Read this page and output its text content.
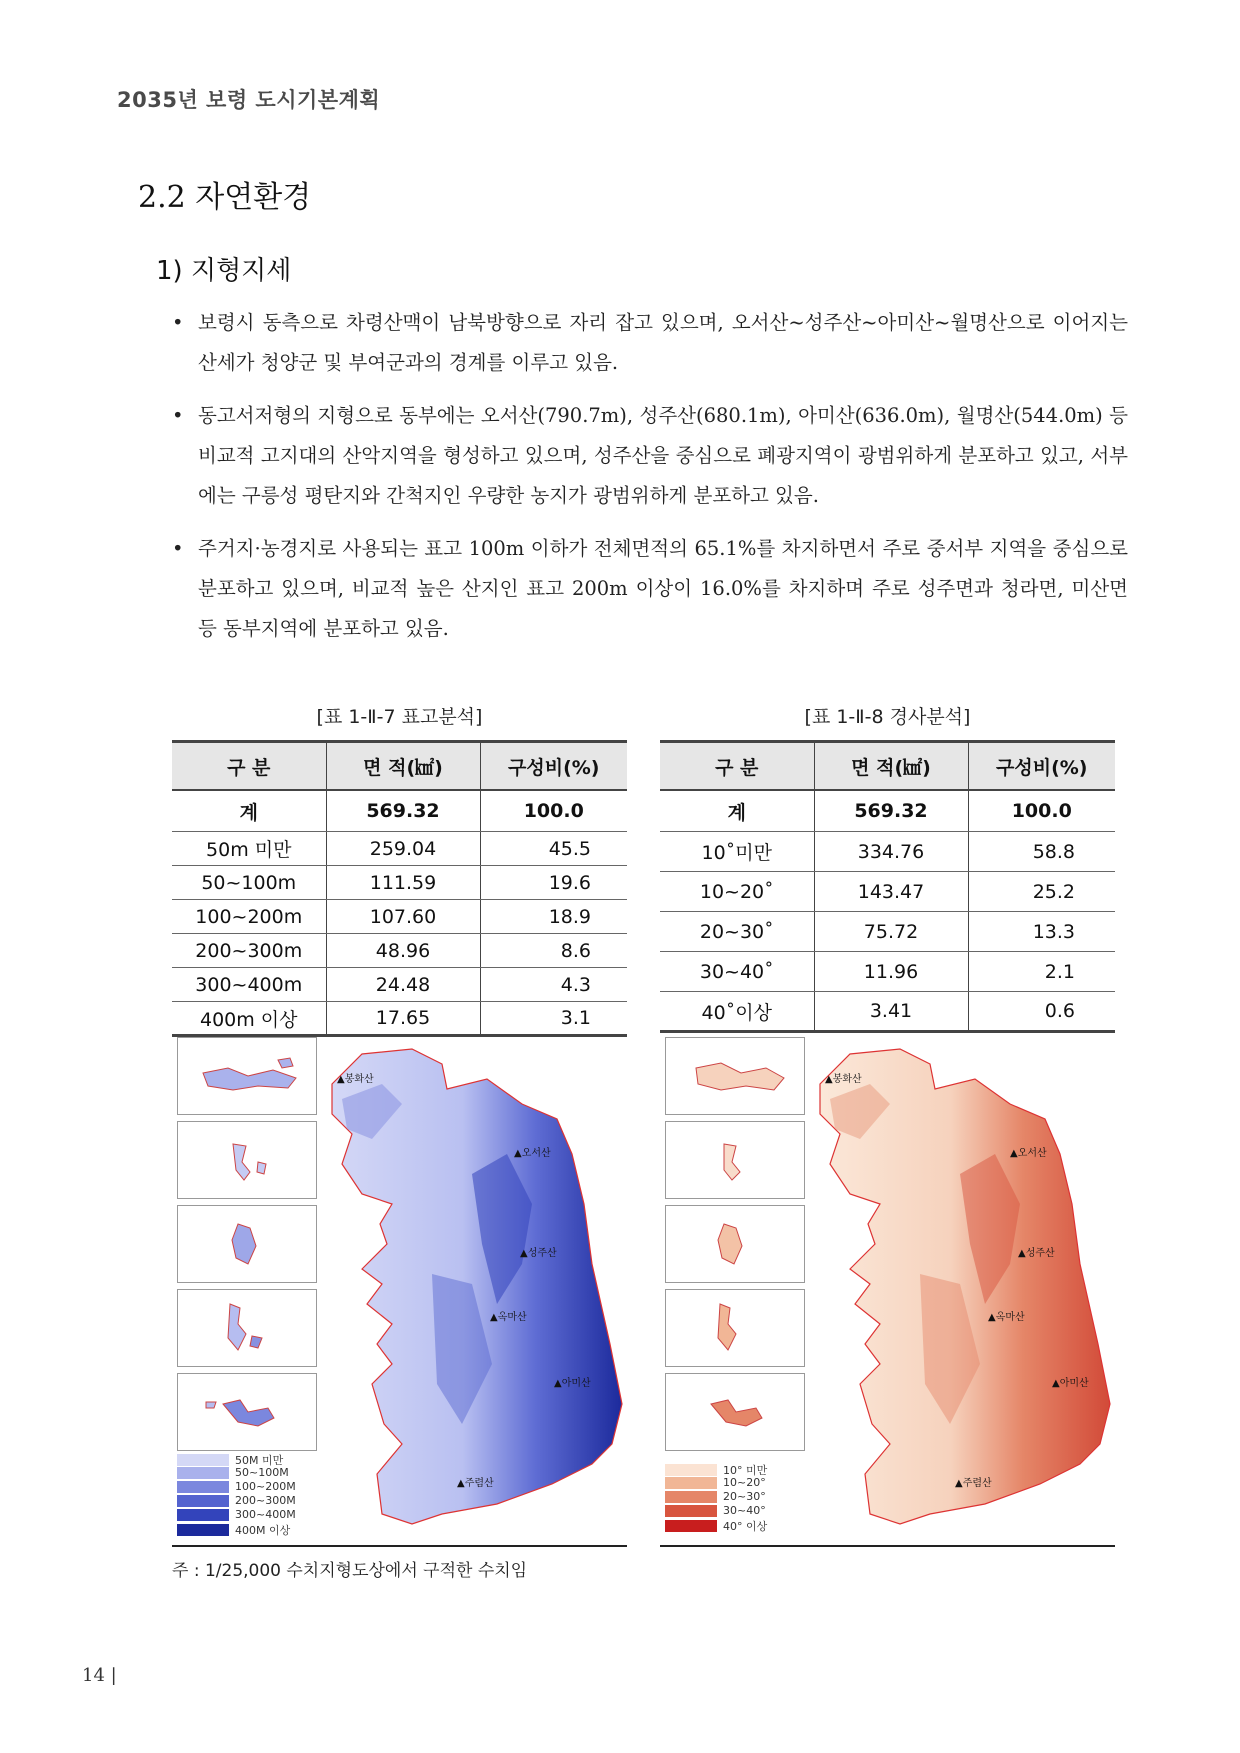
2035년 보령 도시기본계획
2.2 자연환경
1) 지형지세
• 보령시 동측으로 차령산맥이 남북방향으로 자리 잡고 있으며, 오서산~성주산~아미산~월명산으로 이어지는 산세가 청양군 및 부여군과의 경계를 이루고 있음.
• 동고서저형의 지형으로 동부에는 오서산(790.7m), 성주산(680.1m), 아미산(636.0m), 월명산(544.0m) 등 비교적 고지대의 산악지역을 형성하고 있으며, 성주산을 중심으로 폐광지역이 광범위하게 분포하고 있고, 서부에는 구릉성 평탄지와 간척지인 우량한 농지가 광범위하게 분포하고 있음.
• 주거지·농경지로 사용되는 표고 100m 이하가 전체면적의 65.1%를 차지하면서 주로 중서부 지역을 중심으로 분포하고 있으며, 비교적 높은 산지인 표고 200m 이상이 16.0%를 차지하며 주로 성주면과 청라면, 미산면 등 동부지역에 분포하고 있음.
[표 1-Ⅱ-7 표고분석]	[표 1-Ⅱ-8 경사분석]
구 분	면 적(㎢)	구성비(%)
계	569.32	100.0
50m 미만	259.04	45.5
50~100m	111.59	19.6
100~200m	107.60	18.9
200~300m	48.96	8.6
300~400m	24.48	4.3
400m 이상	17.65	3.1
구 분	면 적(㎢)	구성비(%)
계	569.32	100.0
10˚미만	334.76	58.8
10~20˚	143.47	25.2
20~30˚	75.72	13.3
30~40˚	11.96	2.1
40˚이상	3.41	0.6
▲봉화산
▲오서산
▲성주산
▲옥마산
▲아미산
▲주렴산
50M 미만
50~100M
100~200M
200~300M
300~400M
400M 이상
▲봉화산
▲오서산
▲성주산
▲옥마산
▲아미산
▲주렴산
10° 미만
10~20°
20~30°
30~40°
40° 이상
주 : 1/25,000 수치지형도상에서 구적한 수치임
14 |
